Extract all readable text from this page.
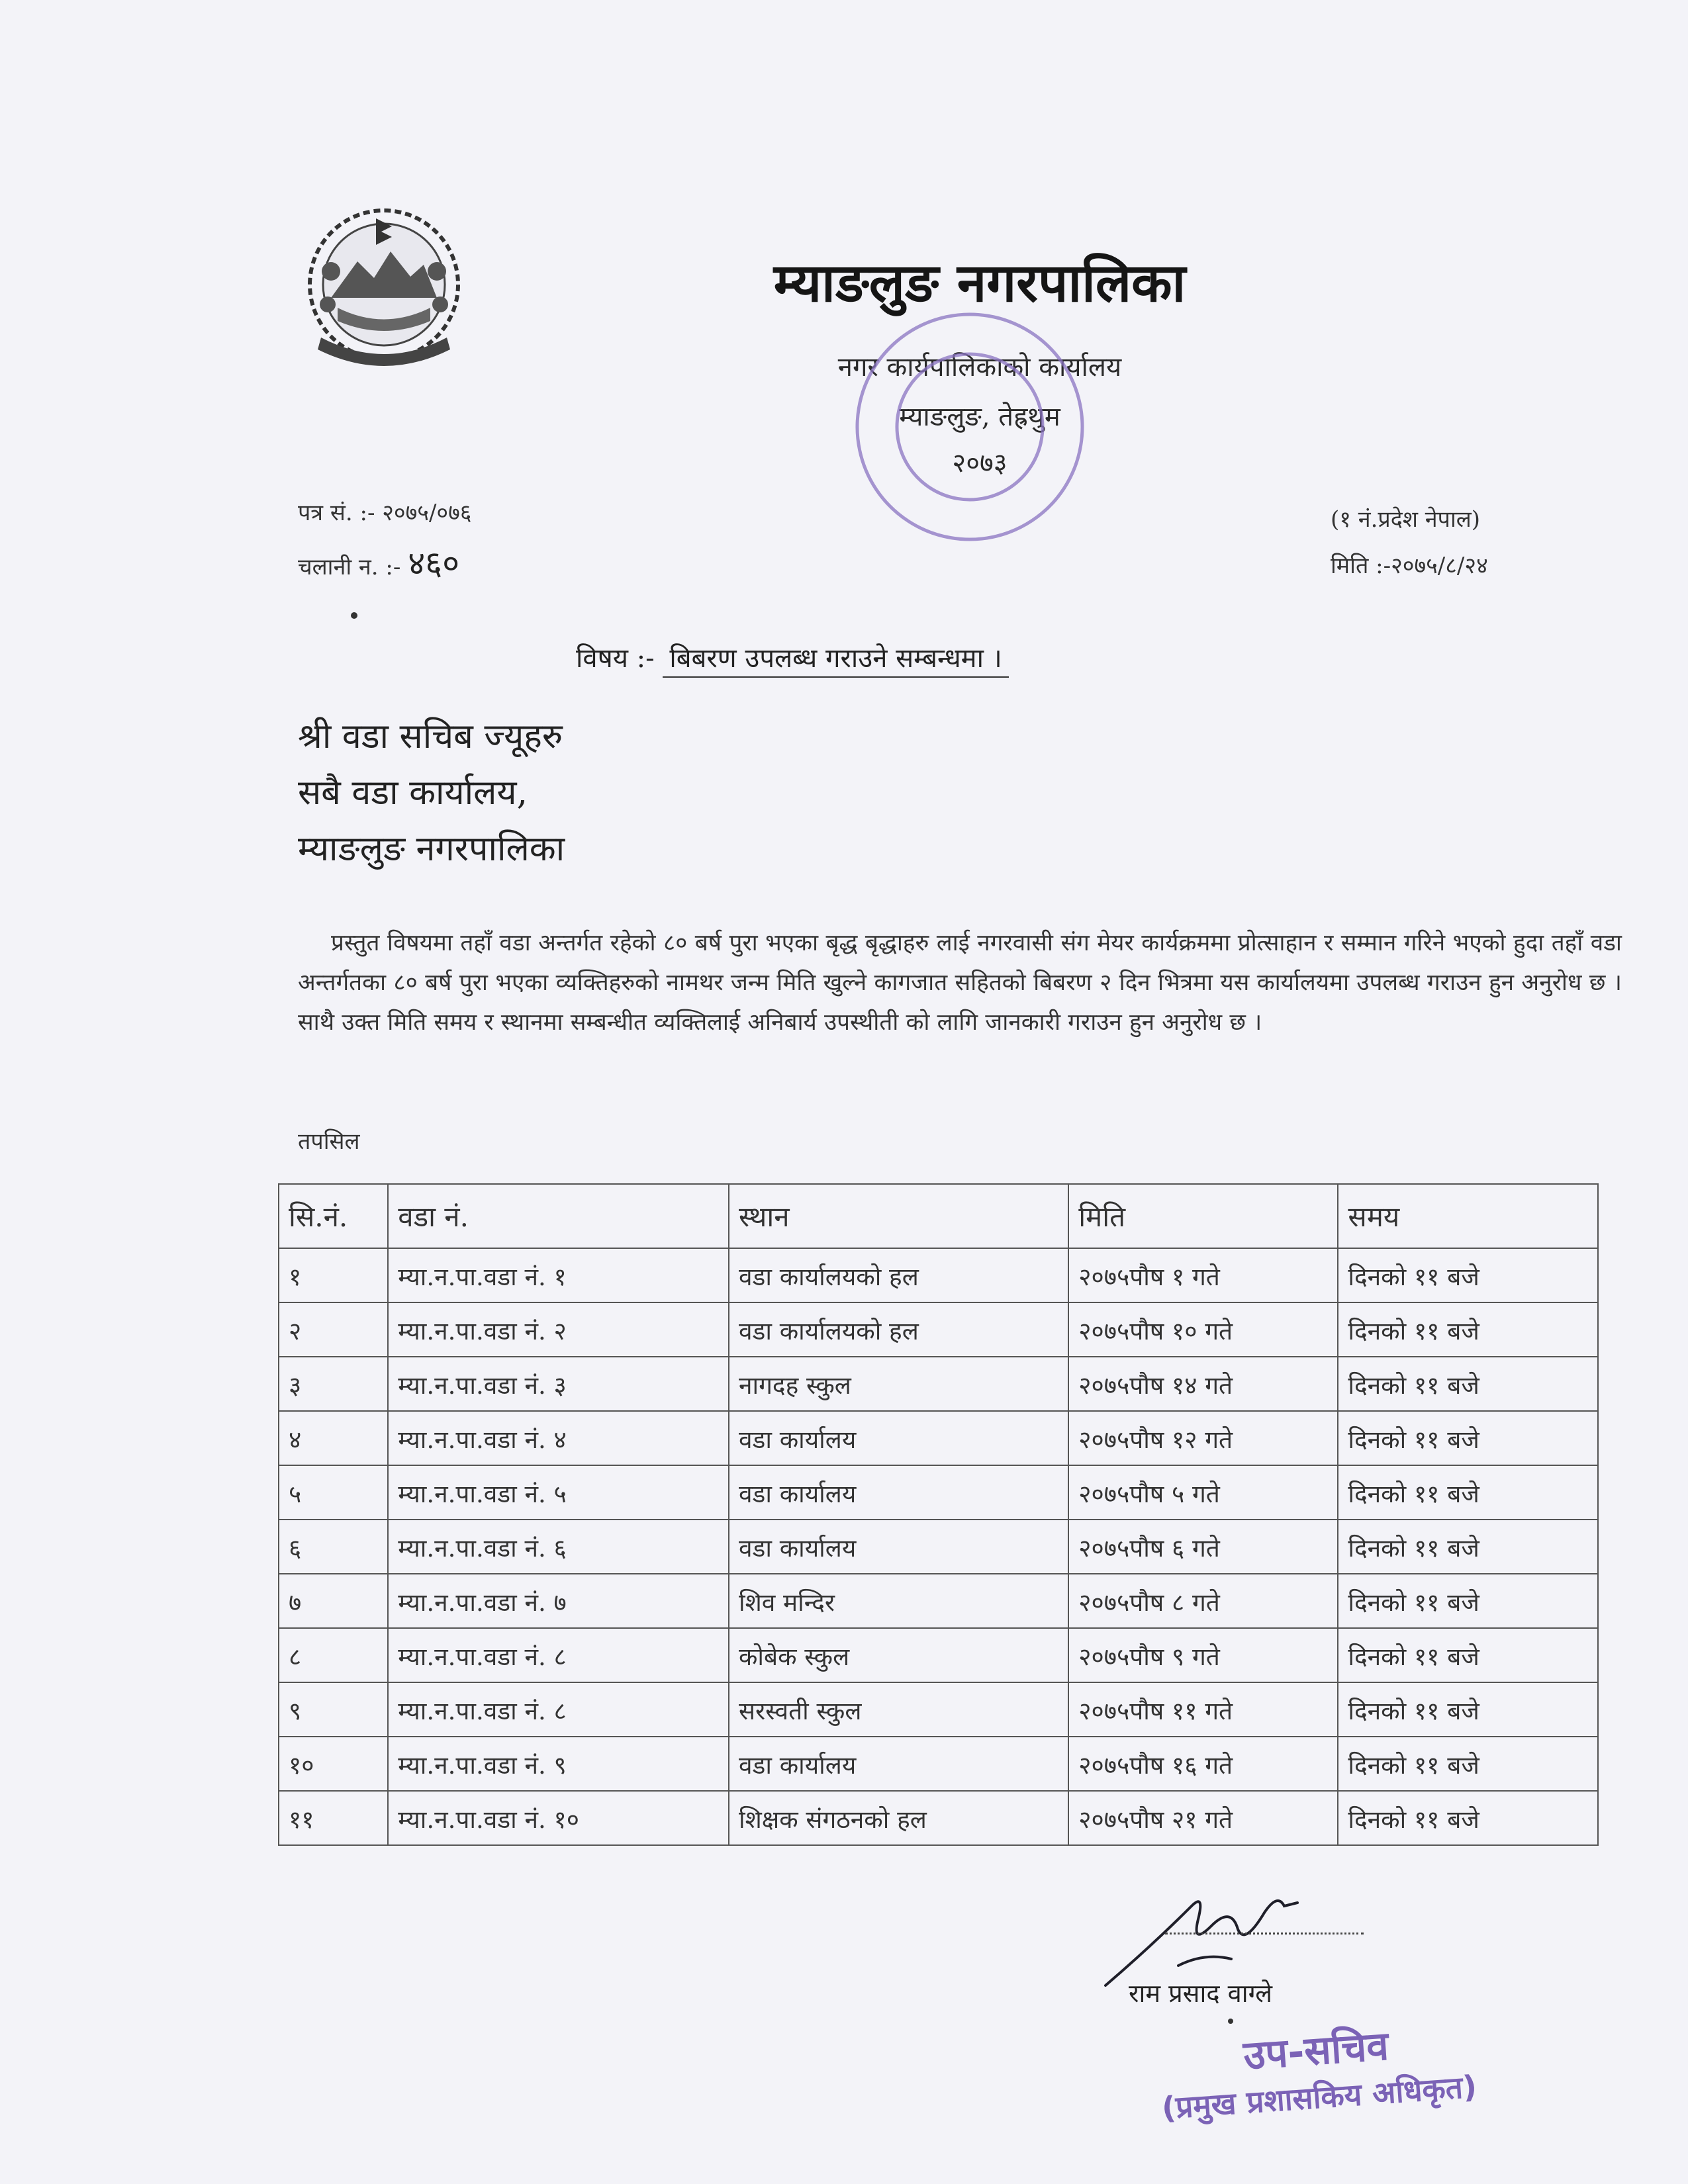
म्याङलुङ नगरपालिका
नगर कार्यपालिकाको कार्यालय
म्याङलुङ, तेह्रथुम
२०७३
पत्र सं. :- २०७५/०७६
चलानी न. :- ४६०
(१ नं.प्रदेश नेपाल)
मिति :-२०७५/८/२४
विषय :- बिबरण उपलब्ध गराउने सम्बन्धमा ।
श्री वडा सचिब ज्यूहरु
सबै वडा कार्यालय,
म्याङलुङ नगरपालिका
प्रस्तुत विषयमा तहाँ वडा अन्तर्गत रहेको ८० बर्ष पुरा भएका बृद्ध बृद्धाहरु लाई नगरवासी संग मेयर कार्यक्रममा प्रोत्साहान र सम्मान गरिने भएको हुदा तहाँ वडा अन्तर्गतका ८० बर्ष पुरा भएका व्यक्तिहरुको नामथर जन्म मिति खुल्ने कागजात सहितको बिबरण २ दिन भित्रमा यस कार्यालयमा उपलब्ध गराउन हुन अनुरोध छ । साथै उक्त मिति समय र स्थानमा सम्बन्धीत व्यक्तिलाई अनिबार्य उपस्थीती को लागि जानकारी गराउन हुन अनुरोध छ ।
तपसिल
सि.नं.	वडा नं.	स्थान	मिति	समय
१	म्या.न.पा.वडा नं. १	वडा कार्यालयको हल	२०७५पौष १ गते	दिनको ११ बजे
२	म्या.न.पा.वडा नं. २	वडा कार्यालयको हल	२०७५पौष १० गते	दिनको ११ बजे
३	म्या.न.पा.वडा नं. ३	नागदह स्कुल	२०७५पौष १४ गते	दिनको ११ बजे
४	म्या.न.पा.वडा नं. ४	वडा कार्यालय	२०७५पौष १२ गते	दिनको ११ बजे
५	म्या.न.पा.वडा नं. ५	वडा कार्यालय	२०७५पौष ५ गते	दिनको ११ बजे
६	म्या.न.पा.वडा नं. ६	वडा कार्यालय	२०७५पौष ६ गते	दिनको ११ बजे
७	म्या.न.पा.वडा नं. ७	शिव मन्दिर	२०७५पौष ८ गते	दिनको ११ बजे
८	म्या.न.पा.वडा नं. ८	कोबेक स्कुल	२०७५पौष ९ गते	दिनको ११ बजे
९	म्या.न.पा.वडा नं. ८	सरस्वती स्कुल	२०७५पौष ११ गते	दिनको ११ बजे
१०	म्या.न.पा.वडा नं. ९	वडा कार्यालय	२०७५पौष १६ गते	दिनको ११ बजे
११	म्या.न.पा.वडा नं. १०	शिक्षक संगठनको हल	२०७५पौष २१ गते	दिनको ११ बजे
राम प्रसाद वाग्ले
उप-सचिव
(प्रमुख प्रशासकिय अधिकृत)
